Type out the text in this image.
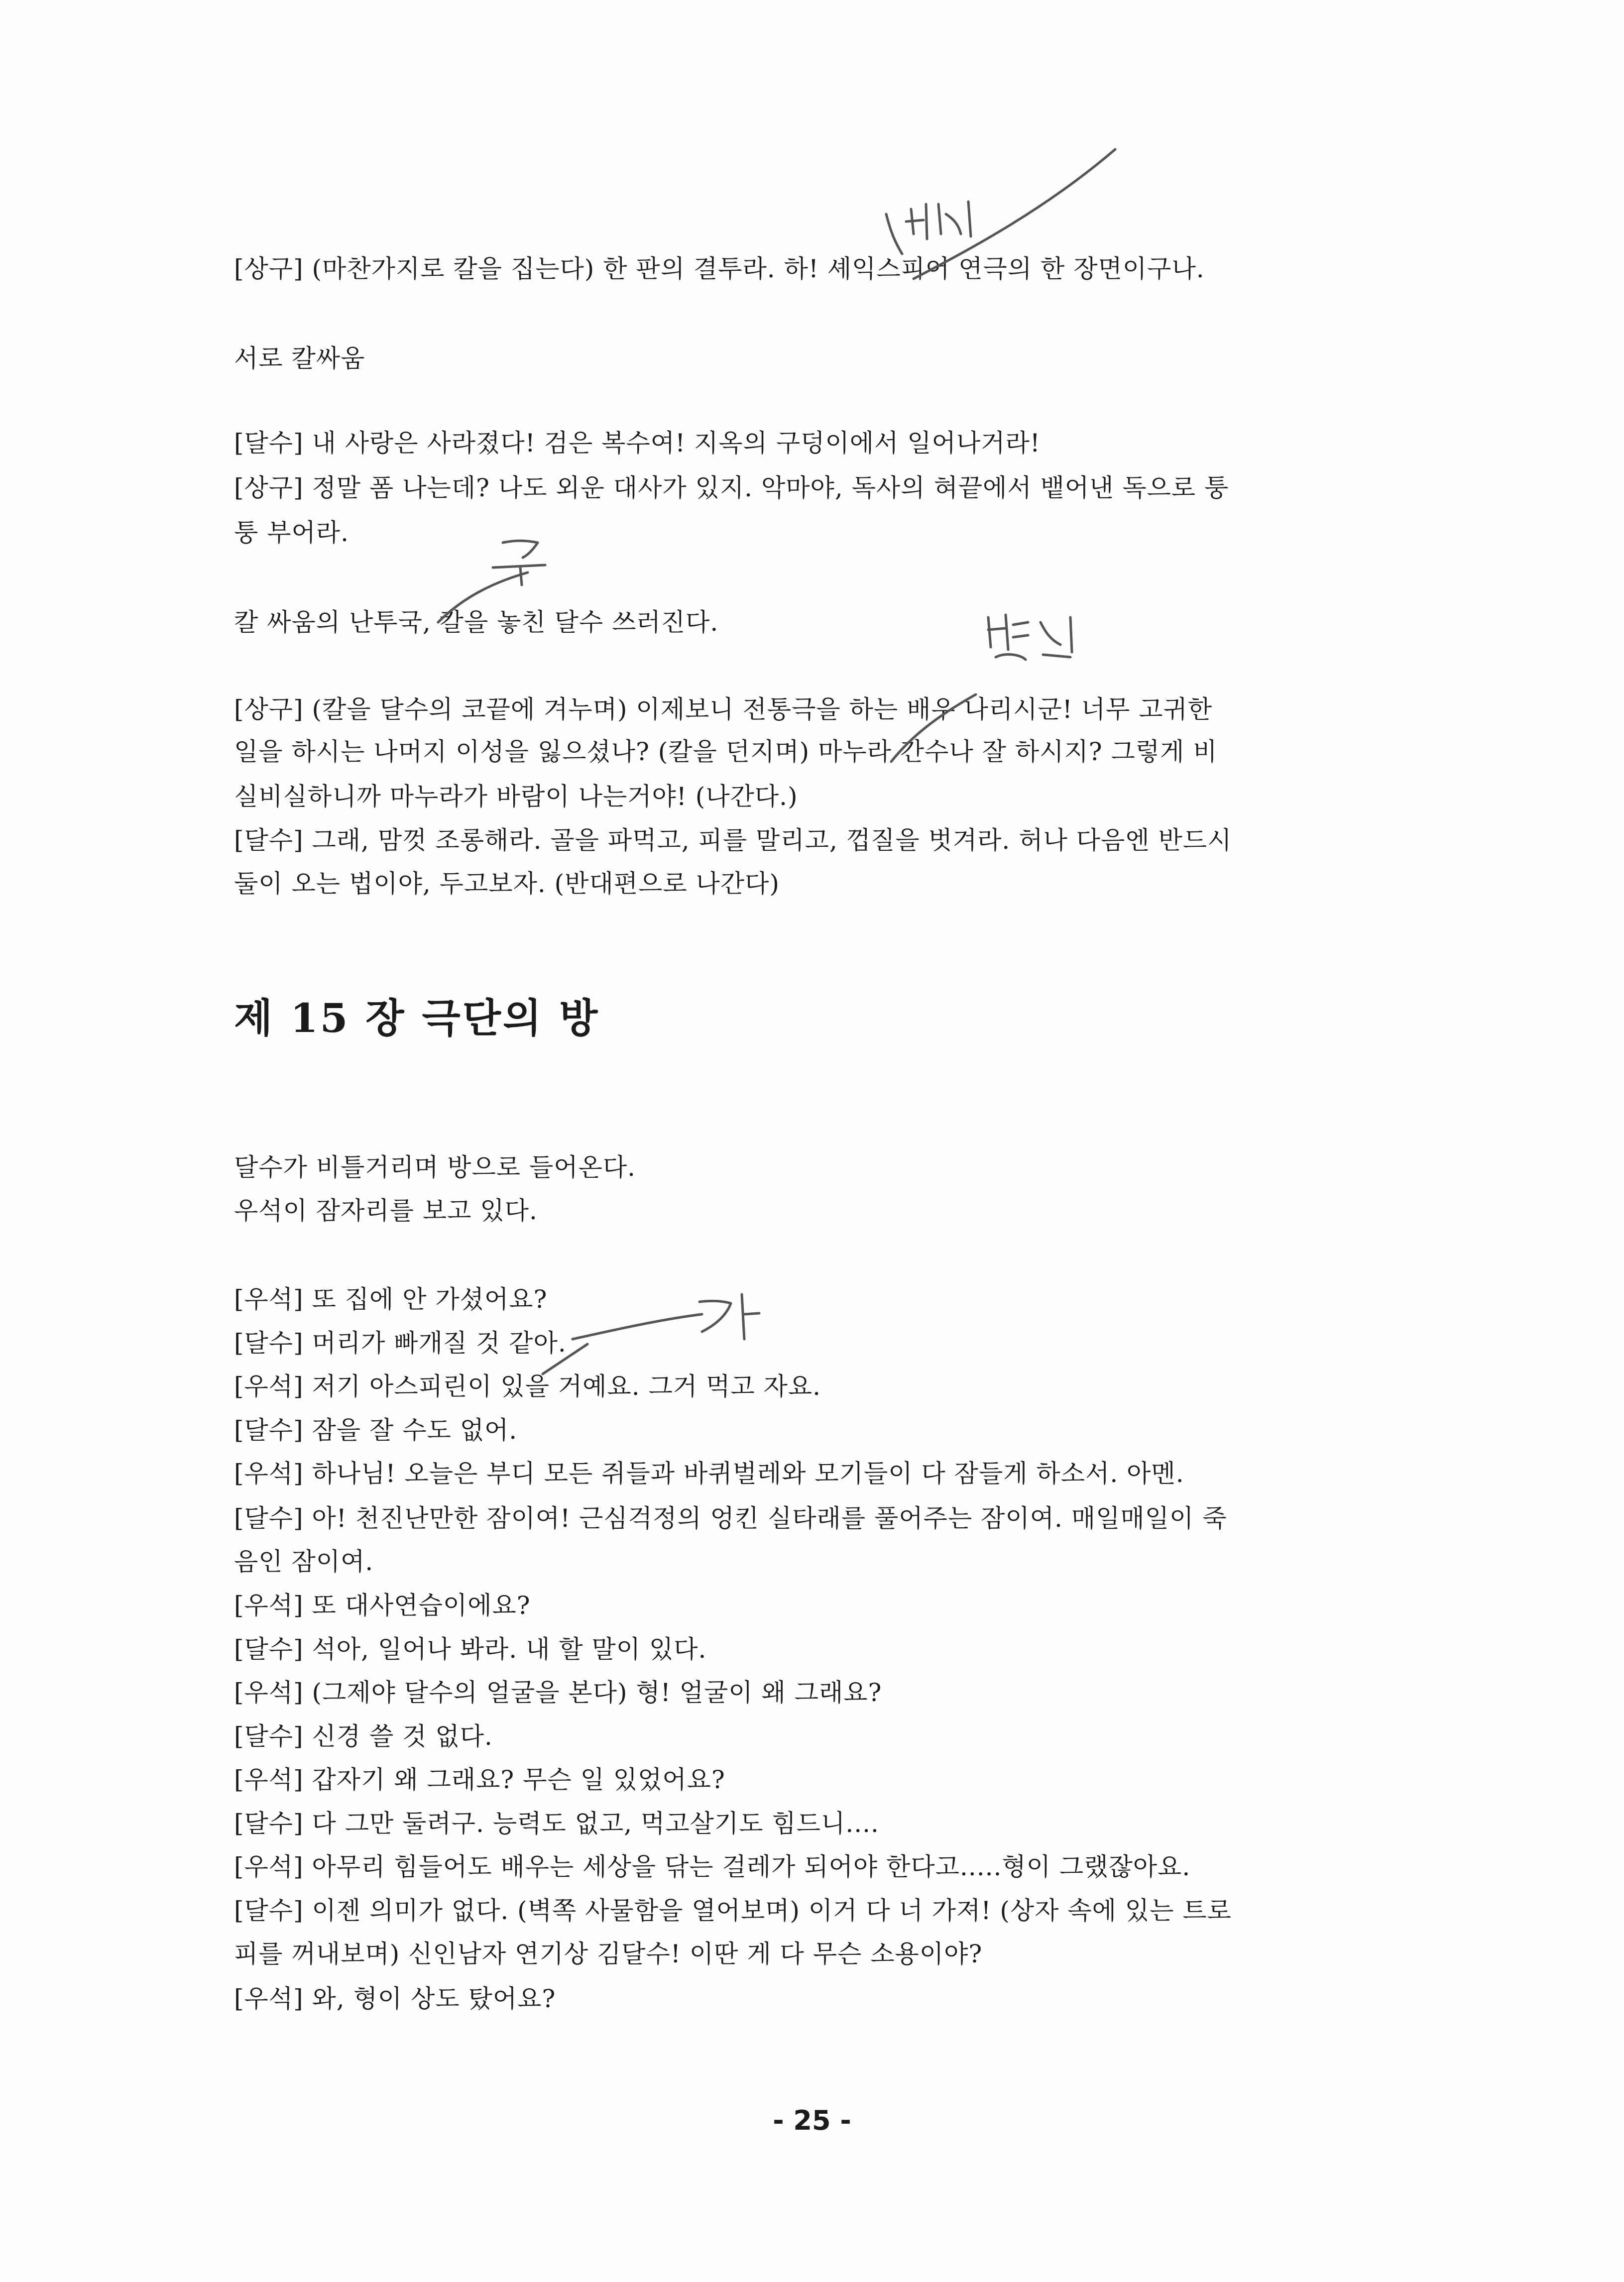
[상구] (마찬가지로 칼을 집는다) 한 판의 결투라. 하! 셰익스피어 연극의 한 장면이구나.
서로 칼싸움
[달수] 내 사랑은 사라졌다! 검은 복수여! 지옥의 구덩이에서 일어나거라!
[상구] 정말 폼 나는데? 나도 외운 대사가 있지. 악마야, 독사의 혀끝에서 뱉어낸 독으로 퉁
퉁 부어라.
칼 싸움의 난투국, 칼을 놓친 달수 쓰러진다.
[상구] (칼을 달수의 코끝에 겨누며) 이제보니 전통극을 하는 배우 나리시군! 너무 고귀한
일을 하시는 나머지 이성을 잃으셨나? (칼을 던지며) 마누라 간수나 잘 하시지? 그렇게 비
실비실하니까 마누라가 바람이 나는거야! (나간다.)
[달수] 그래, 맘껏 조롱해라. 골을 파먹고, 피를 말리고, 껍질을 벗겨라. 허나 다음엔 반드시
둘이 오는 법이야, 두고보자. (반대편으로 나간다)
제 15 장 극단의 방
달수가 비틀거리며 방으로 들어온다.
우석이 잠자리를 보고 있다.
[우석] 또 집에 안 가셨어요?
[달수] 머리가 빠개질 것 같아.
[우석] 저기 아스피린이 있을 거예요. 그거 먹고 자요.
[달수] 잠을 잘 수도 없어.
[우석] 하나님! 오늘은 부디 모든 쥐들과 바퀴벌레와 모기들이 다 잠들게 하소서. 아멘.
[달수] 아! 천진난만한 잠이여! 근심걱정의 엉킨 실타래를 풀어주는 잠이여. 매일매일이 죽
음인 잠이여.
[우석] 또 대사연습이에요?
[달수] 석아, 일어나 봐라. 내 할 말이 있다.
[우석] (그제야 달수의 얼굴을 본다) 형! 얼굴이 왜 그래요?
[달수] 신경 쓸 것 없다.
[우석] 갑자기 왜 그래요? 무슨 일 있었어요?
[달수] 다 그만 둘려구. 능력도 없고, 먹고살기도 힘드니....
[우석] 아무리 힘들어도 배우는 세상을 닦는 걸레가 되어야 한다고.....형이 그랬잖아요.
[달수] 이젠 의미가 없다. (벽쪽 사물함을 열어보며) 이거 다 너 가져! (상자 속에 있는 트로
피를 꺼내보며) 신인남자 연기상 김달수! 이딴 게 다 무슨 소용이야?
[우석] 와, 형이 상도 탔어요?
- 25 -
